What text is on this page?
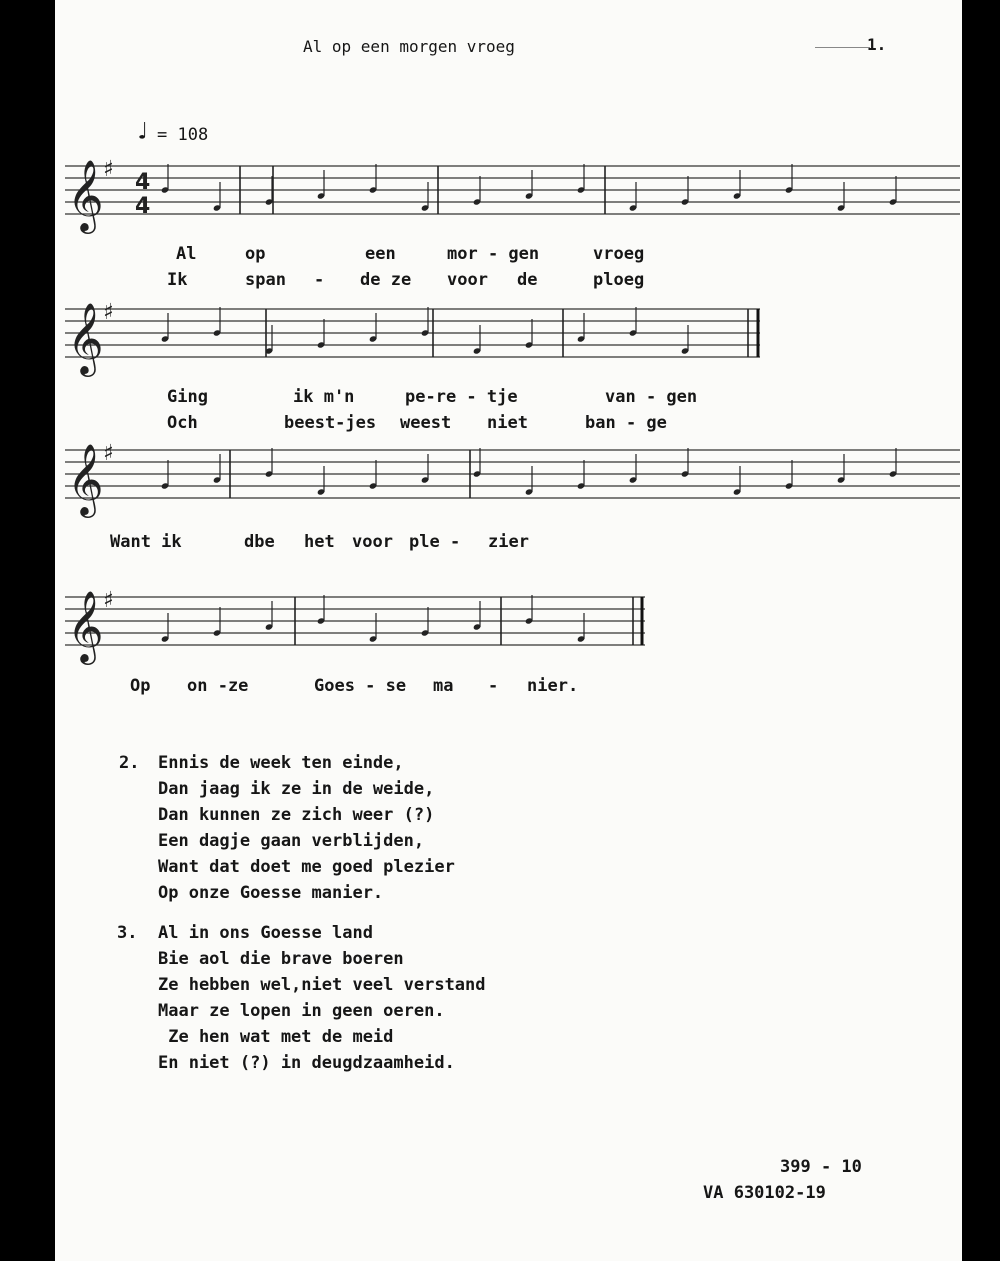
Al op een morgen vroeg	1.
♩ = 108
𝄞 ♯
𝄞 ♯
𝄞 ♯
𝄞 ♯
4
4
Al	op	een	mor - gen	vroeg
Ik	span - de ze voor de	ploeg
Ging	ik m'n	pe-re - tje	van - gen
Och	beest-jes weest niet	ban - ge
Want ik	dbe het voor ple - zier
Op on -ze	Goes - se ma - nier.
2. Ennis de week ten einde,
Dan jaag ik ze in de weide,
Dan kunnen ze zich weer (?)
Een dagje gaan verblijden,
Want dat doet me goed plezier
Op onze Goesse manier.
3. Al in ons Goesse land
Bie aol die brave boeren
Ze hebben wel,niet veel verstand
Maar ze lopen in geen oeren.
Ze hen wat met de meid
En niet (?) in deugdzaamheid.
399 - 10
VA 630102-19
